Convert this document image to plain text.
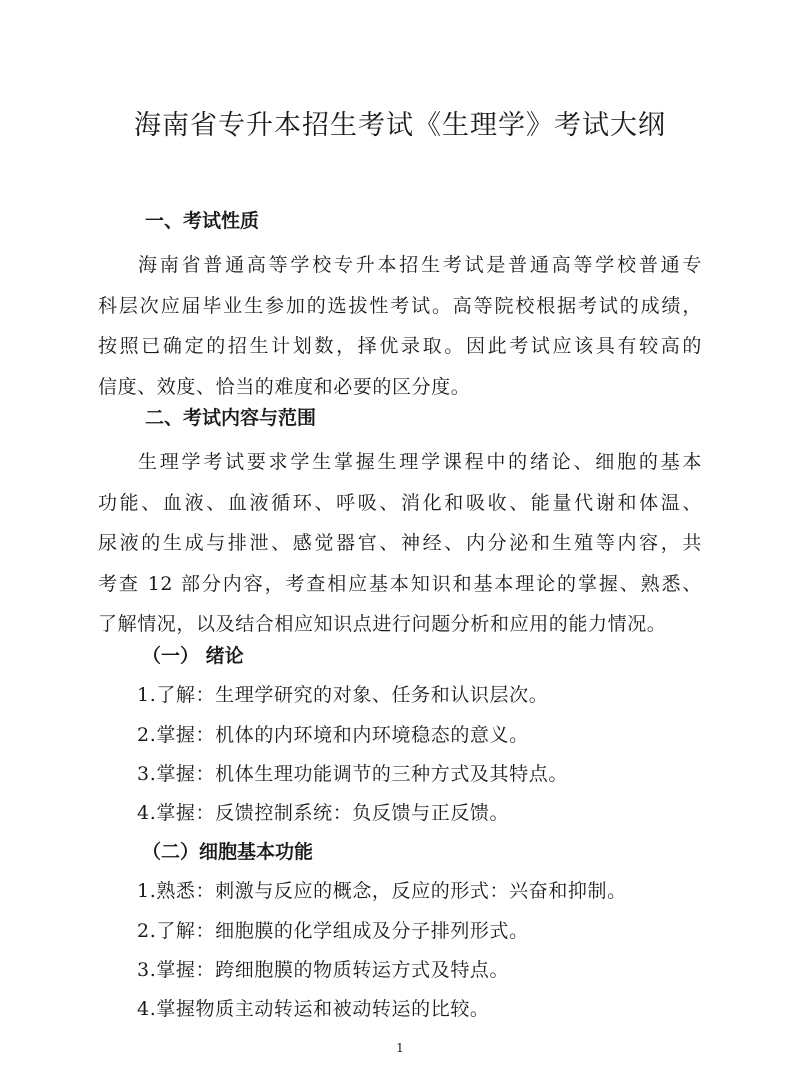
海南省专升本招生考试《生理学》考试大纲
一、考试性质
海南省普通高等学校专升本招生考试是普通高等学校普通专
科层次应届毕业生参加的选拔性考试。高等院校根据考试的成绩，
按照已确定的招生计划数，择优录取。因此考试应该具有较高的
信度、效度、恰当的难度和必要的区分度。
二、考试内容与范围
生理学考试要求学生掌握生理学课程中的绪论、细胞的基本
功能、血液、血液循环、呼吸、消化和吸收、能量代谢和体温、
尿液的生成与排泄、感觉器官、神经、内分泌和生殖等内容，共
考查 12 部分内容，考查相应基本知识和基本理论的掌握、熟悉、
了解情况，以及结合相应知识点进行问题分析和应用的能力情况。
（一） 绪论

1.了解：生理学研究的对象、任务和认识层次。

2.掌握：机体的内环境和内环境稳态的意义。

3.掌握：机体生理功能调节的三种方式及其特点。

4.掌握：反馈控制系统：负反馈与正反馈。

（二）细胞基本功能

1.熟悉：刺激与反应的概念，反应的形式：兴奋和抑制。

2.了解：细胞膜的化学组成及分子排列形式。

3.掌握：跨细胞膜的物质转运方式及特点。

4.掌握物质主动转运和被动转运的比较。

1
